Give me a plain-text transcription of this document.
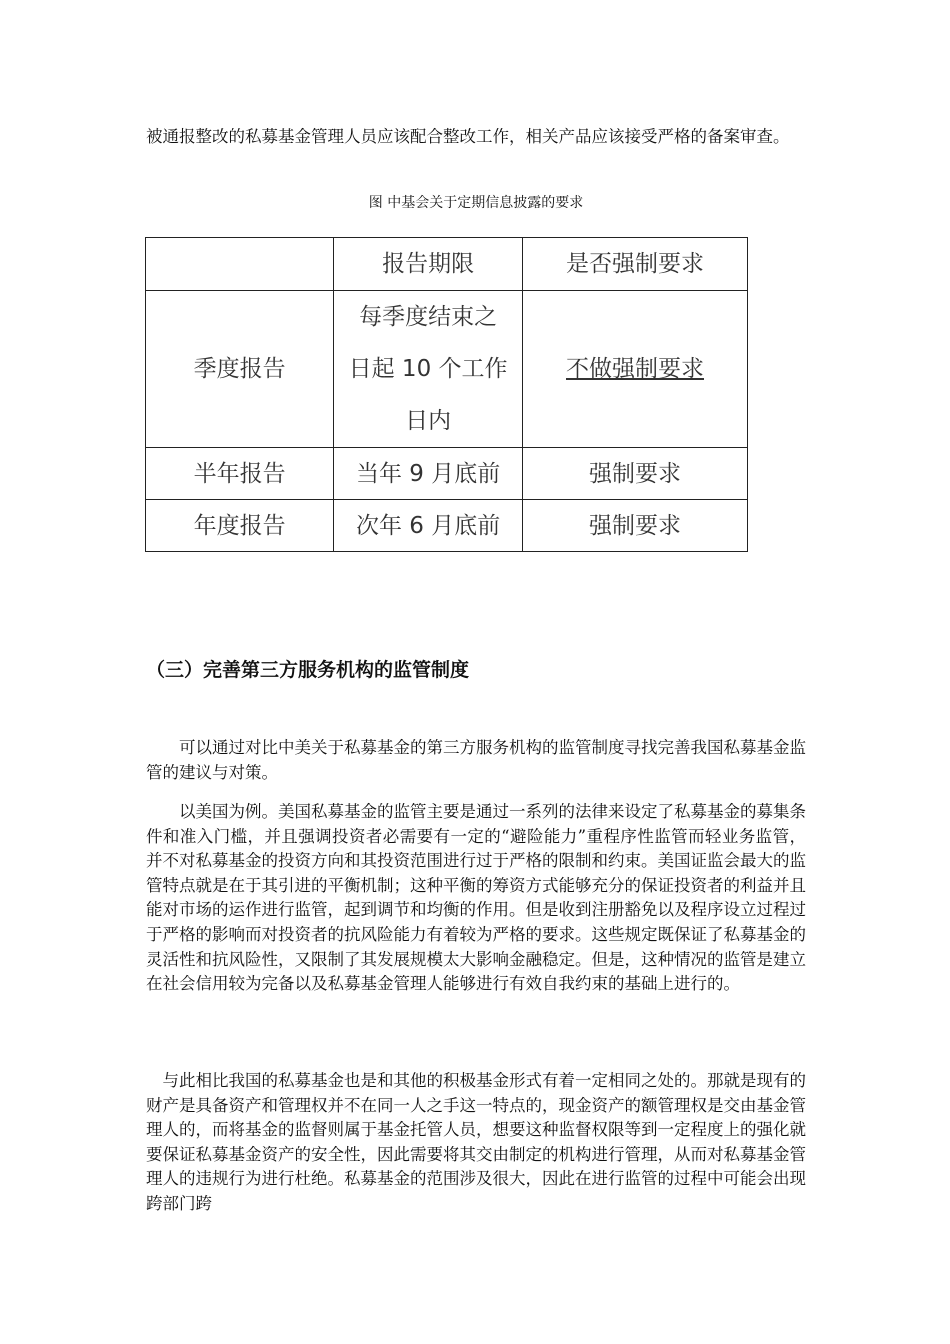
被通报整改的私募基金管理人员应该配合整改工作，相关产品应该接受严格的备案审查。

图 中基会关于定期信息披露的要求

	报告期限	是否强制要求
季度报告	每季度结束之日起 10 个工作日内	不做强制要求
半年报告	当年 9 月底前	强制要求
年度报告	次年 6 月底前	强制要求
（三）完善第三方服务机构的监管制度

可以通过对比中美关于私募基金的第三方服务机构的监管制度寻找完善我国私募基金监管的建议与对策。

以美国为例。美国私募基金的监管主要是通过一系列的法律来设定了私募基金的募集条件和准入门槛，并且强调投资者必需要有一定的“避险能力”重程序性监管而轻业务监管，并不对私募基金的投资方向和其投资范围进行过于严格的限制和约束。美国证监会最大的监管特点就是在于其引进的平衡机制；这种平衡的筹资方式能够充分的保证投资者的利益并且能对市场的运作进行监管，起到调节和均衡的作用。但是收到注册豁免以及程序设立过程过于严格的影响而对投资者的抗风险能力有着较为严格的要求。这些规定既保证了私募基金的灵活性和抗风险性，又限制了其发展规模太大影响金融稳定。但是，这种情况的监管是建立在社会信用较为完备以及私募基金管理人能够进行有效自我约束的基础上进行的。

与此相比我国的私募基金也是和其他的积极基金形式有着一定相同之处的。那就是现有的财产是具备资产和管理权并不在同一人之手这一特点的，现金资产的额管理权是交由基金管理人的，而将基金的监督则属于基金托管人员，想要这种监督权限等到一定程度上的强化就要保证私募基金资产的安全性，因此需要将其交由制定的机构进行管理，从而对私募基金管理人的违规行为进行杜绝。私募基金的范围涉及很大，因此在进行监管的过程中可能会出现跨部门跨
